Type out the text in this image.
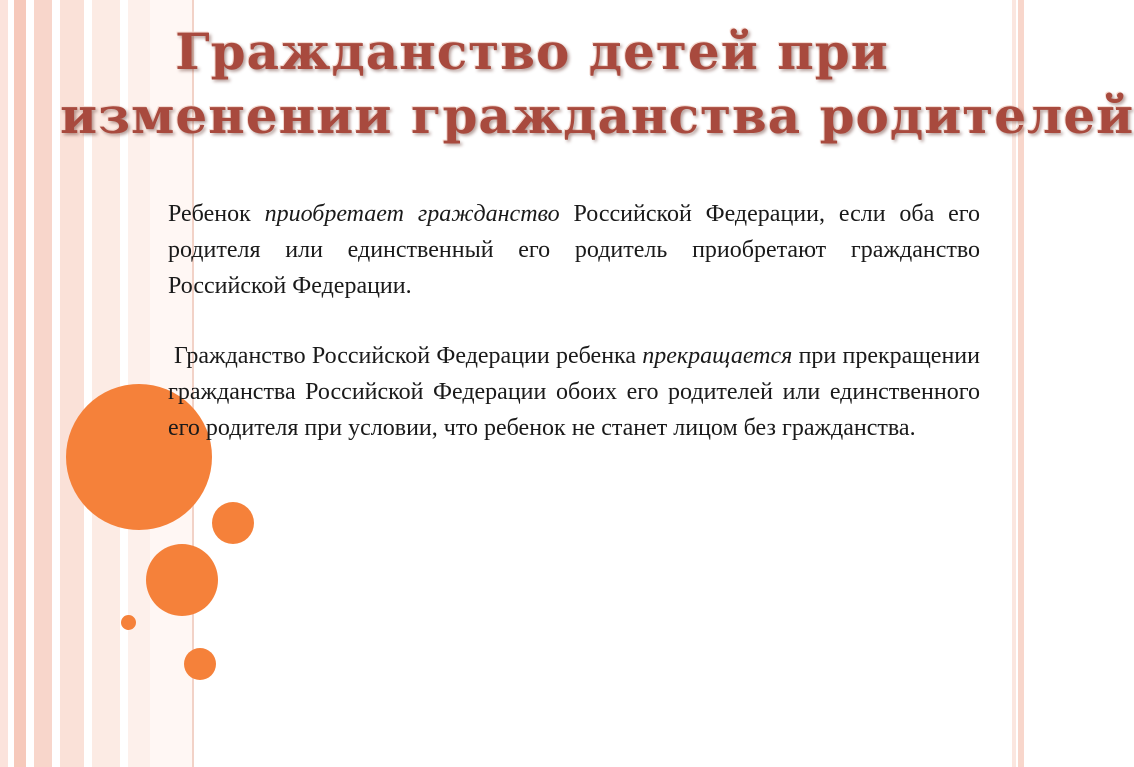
Гражданство детей при
изменении гражданства родителей

Ребенок приобретает гражданство Российской Федерации, если оба его родителя или единственный его родитель приобретают гражданство Российской Федерации.

Гражданство Российской Федерации ребенка прекращается при прекращении гражданства Российской Федерации обоих его родителей или единственного его родителя при условии, что ребенок не станет лицом без гражданства.
